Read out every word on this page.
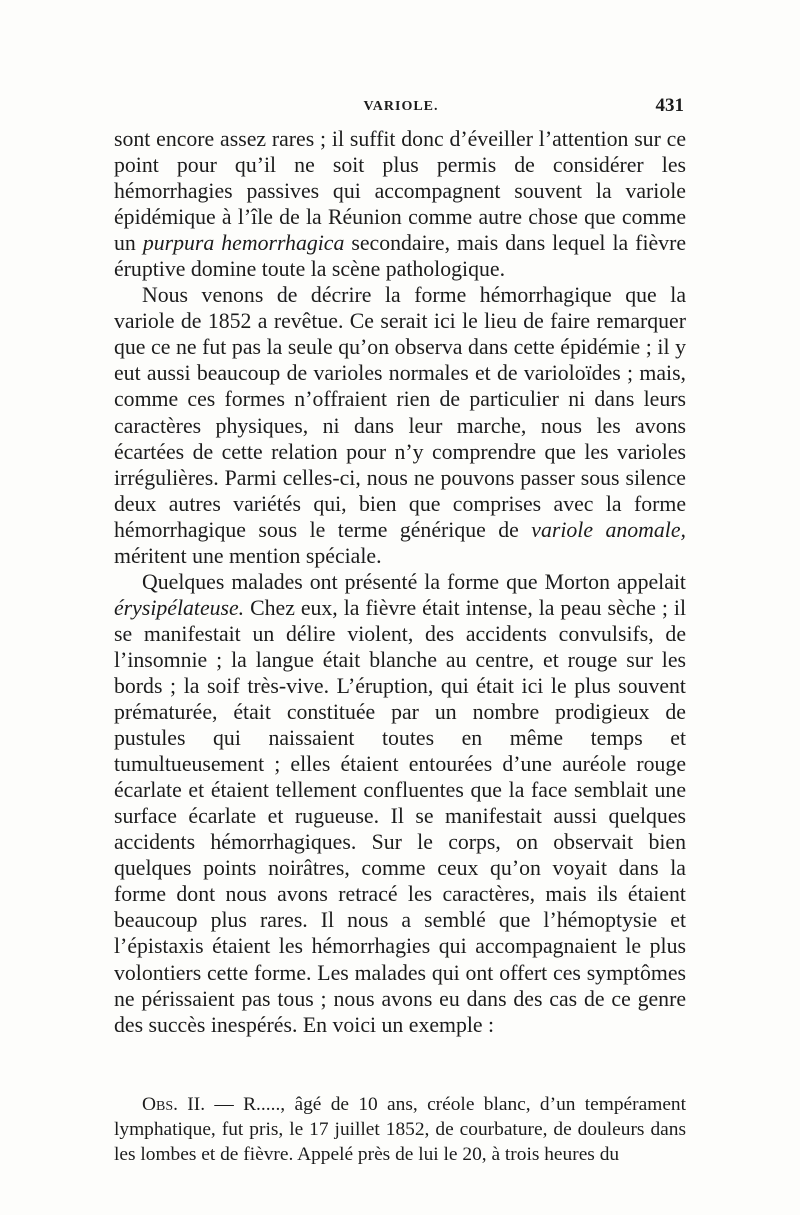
VARIOLE.	431

sont encore assez rares ; il suffit donc d’éveiller l’attention sur ce point pour qu’il ne soit plus permis de considérer les hémorrhagies passives qui accompagnent souvent la variole épidémique à l’île de la Réunion comme autre chose que comme un purpura hemorrhagica secondaire, mais dans lequel la fièvre éruptive domine toute la scène pathologique.

Nous venons de décrire la forme hémorrhagique que la variole de 1852 a revêtue. Ce serait ici le lieu de faire remarquer que ce ne fut pas la seule qu’on observa dans cette épidémie ; il y eut aussi beaucoup de varioles normales et de varioloïdes ; mais, comme ces formes n’offraient rien de particulier ni dans leurs caractères physiques, ni dans leur marche, nous les avons écartées de cette relation pour n’y comprendre que les varioles irrégulières. Parmi celles-ci, nous ne pouvons passer sous silence deux autres variétés qui, bien que comprises avec la forme hémorrhagique sous le terme générique de variole anomale, méritent une mention spéciale.

Quelques malades ont présenté la forme que Morton appelait érysipélateuse. Chez eux, la fièvre était intense, la peau sèche ; il se manifestait un délire violent, des accidents convulsifs, de l’insomnie ; la langue était blanche au centre, et rouge sur les bords ; la soif très-vive. L’éruption, qui était ici le plus souvent prématurée, était constituée par un nombre prodigieux de pustules qui naissaient toutes en même temps et tumultueusement ; elles étaient entourées d’une auréole rouge écarlate et étaient tellement confluentes que la face semblait une surface écarlate et rugueuse. Il se manifestait aussi quelques accidents hémorrhagiques. Sur le corps, on observait bien quelques points noirâtres, comme ceux qu’on voyait dans la forme dont nous avons retracé les caractères, mais ils étaient beaucoup plus rares. Il nous a semblé que l’hémoptysie et l’épistaxis étaient les hémorrhagies qui accompagnaient le plus volontiers cette forme. Les malades qui ont offert ces symptômes ne périssaient pas tous ; nous avons eu dans des cas de ce genre des succès inespérés. En voici un exemple :

Obs. II. — R....., âgé de 10 ans, créole blanc, d’un tempérament lymphatique, fut pris, le 17 juillet 1852, de courbature, de douleurs dans les lombes et de fièvre. Appelé près de lui le 20, à trois heures du
